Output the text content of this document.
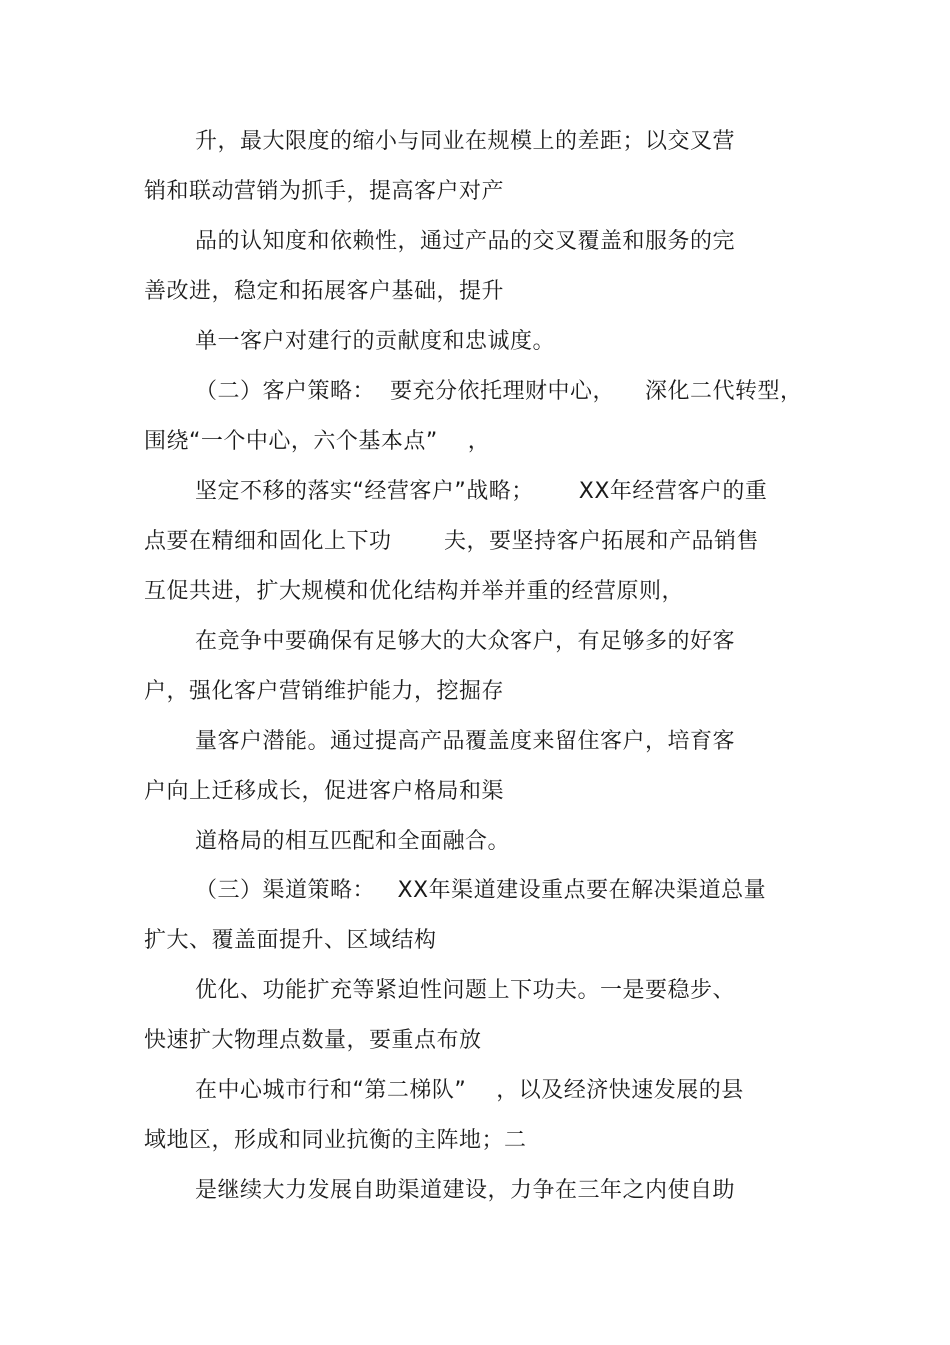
升，最大限度的缩小与同业在规模上的差距；以交叉营
销和联动营销为抓手，提高客户对产
品的认知度和依赖性，通过产品的交叉覆盖和服务的完
善改进，稳定和拓展客户基础，提升
单一客户对建行的贡献度和忠诚度。
（二）客户策略：  要充分依托理财中心，    深化二代转型，
围绕“一个中心，六个基本点”    ，
坚定不移的落实“经营客户”战略；      XX年经营客户的重
点要在精细和固化上下功       夫，要坚持客户拓展和产品销售
互促共进，扩大规模和优化结构并举并重的经营原则，
在竞争中要确保有足够大的大众客户，有足够多的好客
户，强化客户营销维护能力，挖掘存
量客户潜能。通过提高产品覆盖度来留住客户，培育客
户向上迁移成长，促进客户格局和渠
道格局的相互匹配和全面融合。
（三）渠道策略：   XX年渠道建设重点要在解决渠道总量
扩大、覆盖面提升、区域结构
优化、功能扩充等紧迫性问题上下功夫。一是要稳步、
快速扩大物理点数量，要重点布放
在中心城市行和“第二梯队”    ，以及经济快速发展的县
域地区，形成和同业抗衡的主阵地；二
是继续大力发展自助渠道建设，力争在三年之内使自助
